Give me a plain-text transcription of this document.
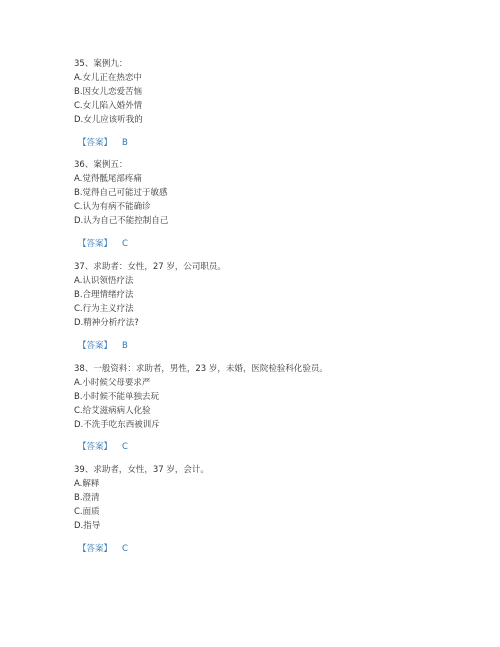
35、案例九：
A.女儿正在热恋中
B.因女儿恋爱苦恼
C.女儿陷入婚外情
D.女儿应该听我的
【答案】 B
36、案例五：
A.觉得骶尾部疼痛
B.觉得自己可能过于敏感
C.认为有病不能确诊
D.认为自己不能控制自己
【答案】 C
37、求助者：女性，27 岁，公司职员。
A.认识领悟疗法
B.合理情绪疗法
C.行为主义疗法
D.精神分析疗法?
【答案】 B
38、一般资料：求助者，男性，23 岁，未婚，医院检验科化验员。
A.小时候父母要求严
B.小时候不能单独去玩
C.给艾滋病病人化验
D.不洗手吃东西被训斥
【答案】 C
39、求助者，女性，37 岁，会计。
A.解释
B.澄清
C.面质
D.指导
【答案】 C
